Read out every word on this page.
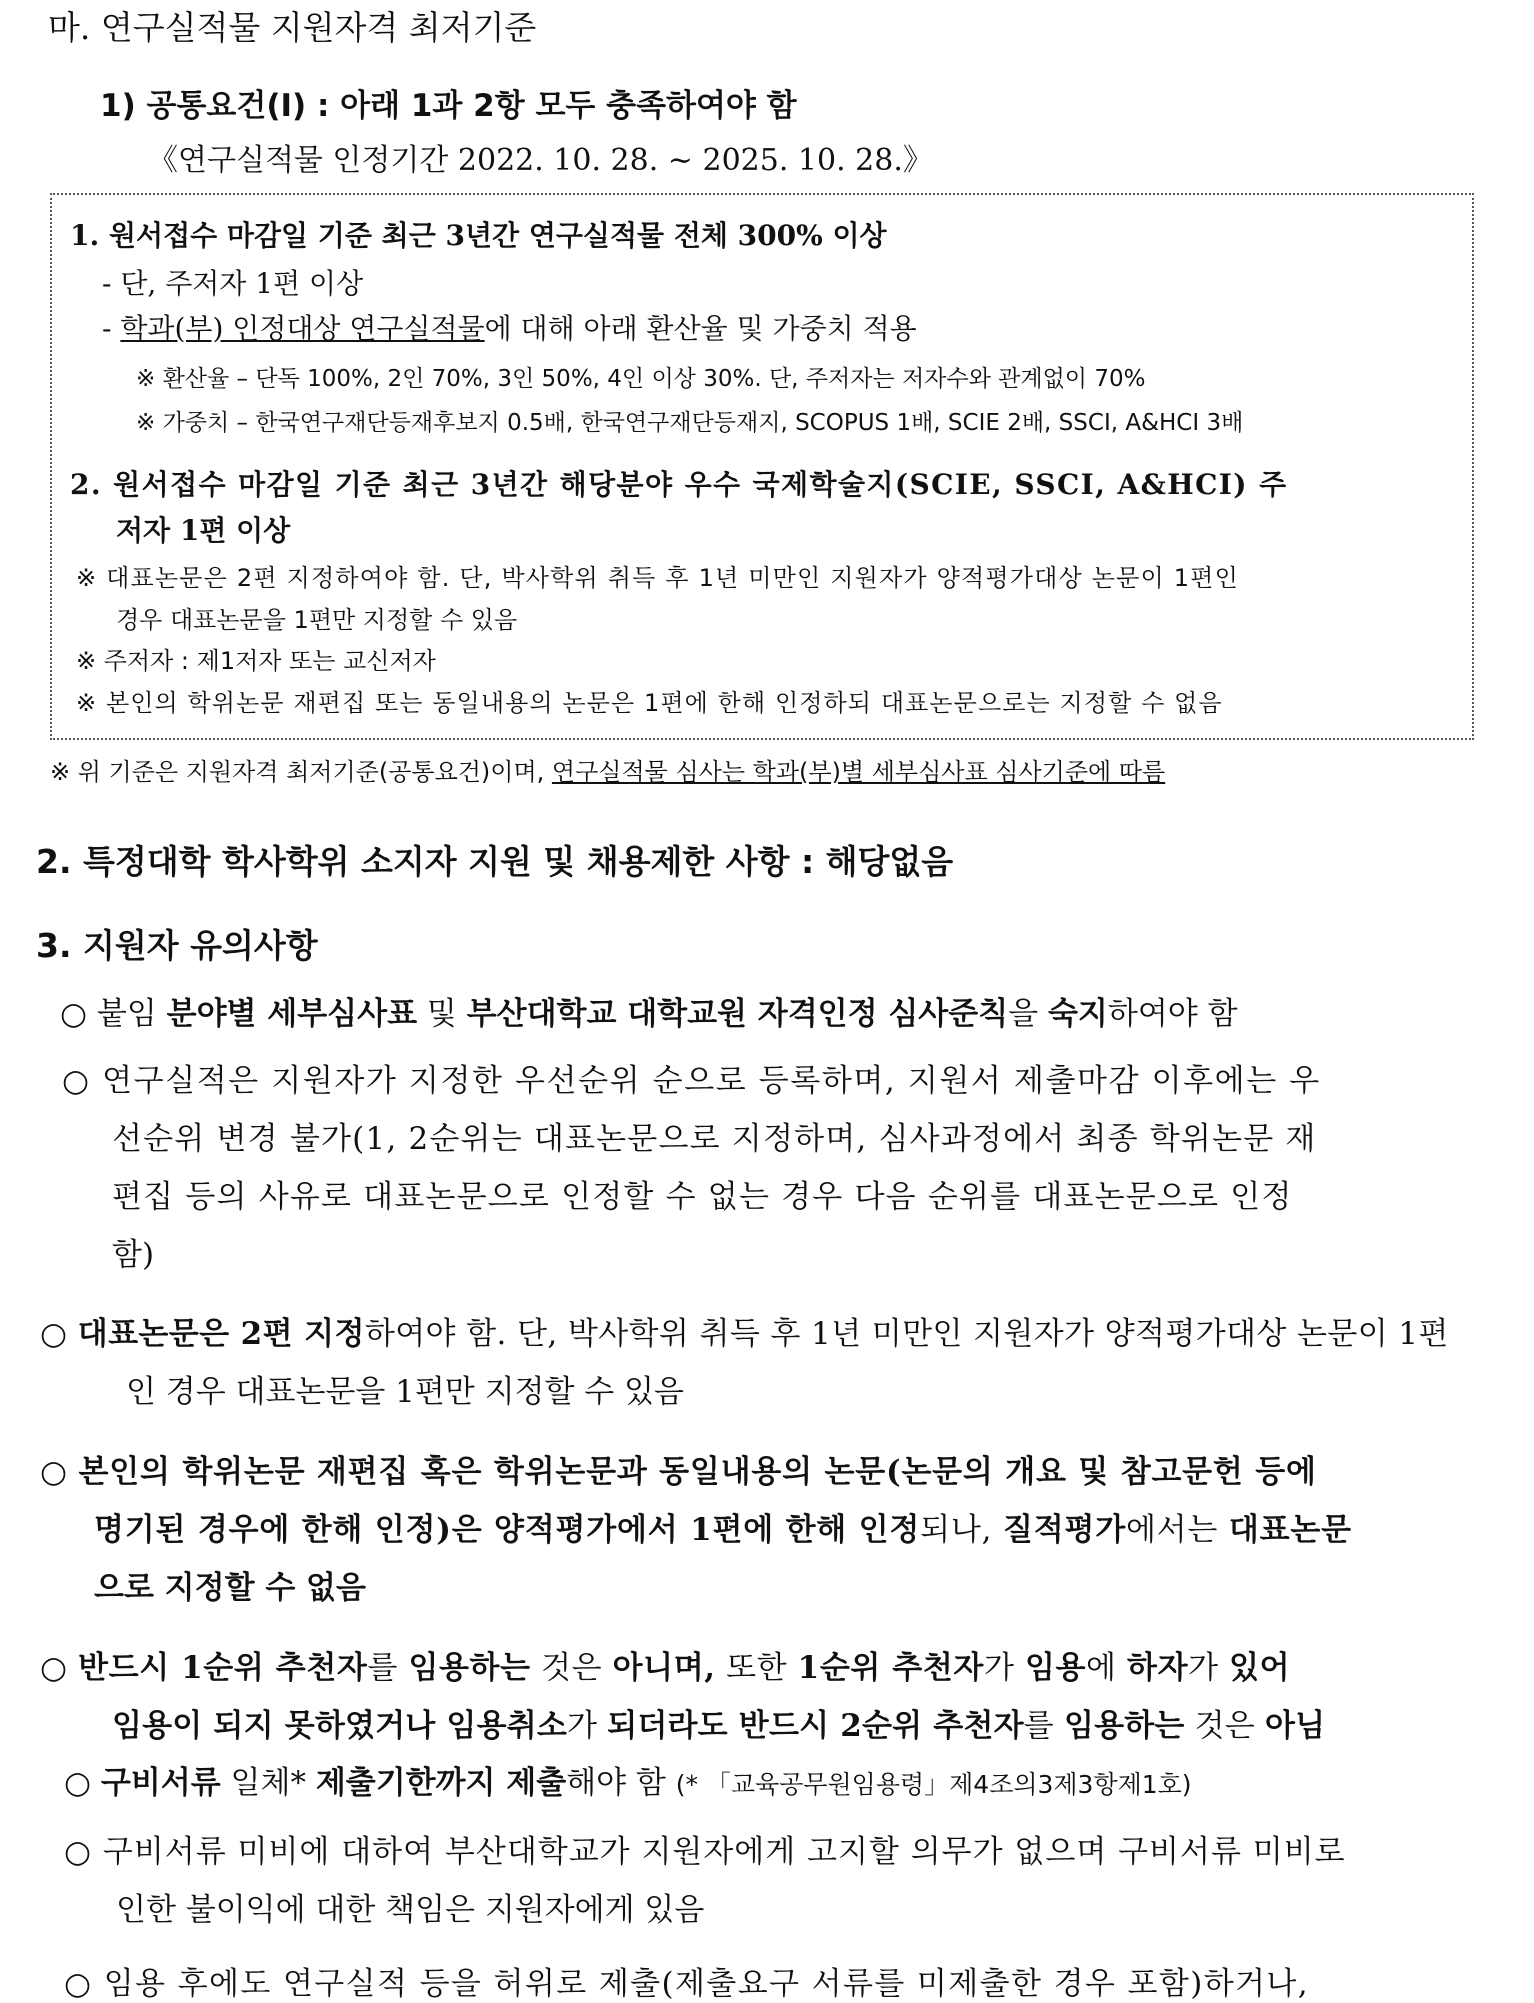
마. 연구실적물 지원자격 최저기준
1) 공통요건(Ⅰ) : 아래 1과 2항 모두 충족하여야 함
《연구실적물 인정기간 2022. 10. 28. ∼ 2025. 10. 28.》
1. 원서접수 마감일 기준 최근 3년간 연구실적물 전체 300% 이상
- 단, 주저자 1편 이상
- 학과(부) 인정대상 연구실적물에 대해 아래 환산율 및 가중치 적용
※ 환산율 – 단독 100%, 2인 70%, 3인 50%, 4인 이상 30%. 단, 주저자는 저자수와 관계없이 70%
※ 가중치 – 한국연구재단등재후보지 0.5배, 한국연구재단등재지, SCOPUS 1배, SCIE 2배, SSCI, A&HCI 3배
2. 원서접수 마감일 기준 최근 3년간 해당분야 우수 국제학술지(SCIE, SSCI, A&HCI) 주
저자 1편 이상
※ 대표논문은 2편 지정하여야 함. 단, 박사학위 취득 후 1년 미만인 지원자가 양적평가대상 논문이 1편인
경우 대표논문을 1편만 지정할 수 있음
※ 주저자 : 제1저자 또는 교신저자
※ 본인의 학위논문 재편집 또는 동일내용의 논문은 1편에 한해 인정하되 대표논문으로는 지정할 수 없음
※ 위 기준은 지원자격 최저기준(공통요건)이며, 연구실적물 심사는 학과(부)별 세부심사표 심사기준에 따름
2. 특정대학 학사학위 소지자 지원 및 채용제한 사항 : 해당없음
3. 지원자 유의사항
○ 붙임 분야별 세부심사표 및 부산대학교 대학교원 자격인정 심사준칙을 숙지하여야 함
○ 연구실적은 지원자가 지정한 우선순위 순으로 등록하며, 지원서 제출마감 이후에는 우
선순위 변경 불가(1, 2순위는 대표논문으로 지정하며, 심사과정에서 최종 학위논문 재
편집 등의 사유로 대표논문으로 인정할 수 없는 경우 다음 순위를 대표논문으로 인정
함)
○ 대표논문은 2편 지정하여야 함. 단, 박사학위 취득 후 1년 미만인 지원자가 양적평가대상 논문이 1편
인 경우 대표논문을 1편만 지정할 수 있음
○ 본인의 학위논문 재편집 혹은 학위논문과 동일내용의 논문(논문의 개요 및 참고문헌 등에
명기된 경우에 한해 인정)은 양적평가에서 1편에 한해 인정되나, 질적평가에서는 대표논문
으로 지정할 수 없음
○ 반드시 1순위 추천자를 임용하는 것은 아니며, 또한 1순위 추천자가 임용에 하자가 있어
임용이 되지 못하였거나 임용취소가 되더라도 반드시 2순위 추천자를 임용하는 것은 아님
○ 구비서류 일체* 제출기한까지 제출해야 함 (* 「교육공무원임용령」제4조의3제3항제1호)
○ 구비서류 미비에 대하여 부산대학교가 지원자에게 고지할 의무가 없으며 구비서류 미비로
인한 불이익에 대한 책임은 지원자에게 있음
○ 임용 후에도 연구실적 등을 허위로 제출(제출요구 서류를 미제출한 경우 포함)하거나,
